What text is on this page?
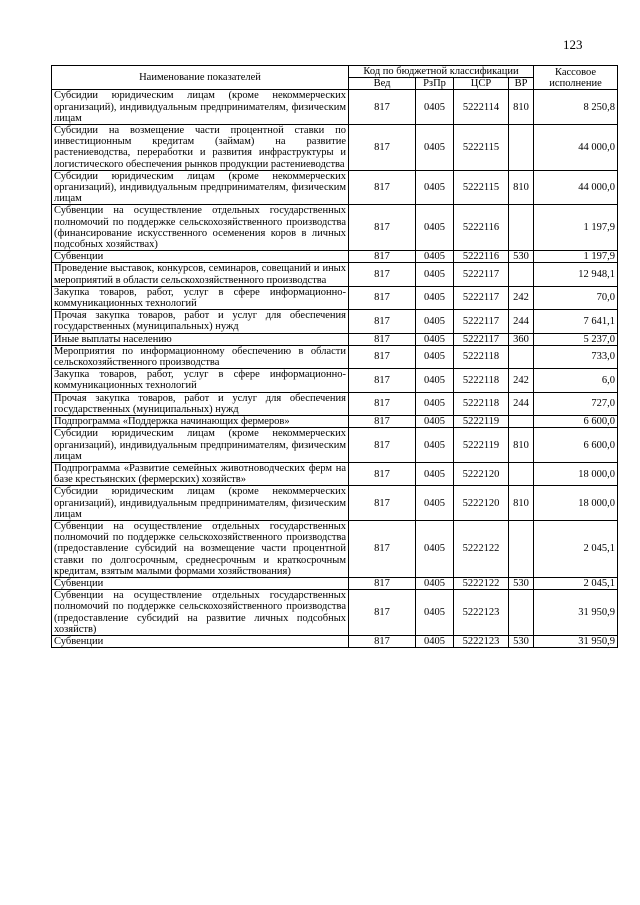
123
Наименование показателей	Код по бюджетной классификации				Кассовое исполнение
	Вед	РзПр	ЦСР	ВР	
Субсидии юридическим лицам (кроме некоммерческих организаций), индивидуальным предпринимателям, физическим лицам	817	0405	5222114	810	8 250,8
Субсидии на возмещение части процентной ставки по инвестиционным кредитам (займам) на развитие растениеводства, переработки и развития инфраструктуры и логистического обеспечения рынков продукции растениеводства	817	0405	5222115		44 000,0
Субсидии юридическим лицам (кроме некоммерческих организаций), индивидуальным предпринимателям, физическим лицам	817	0405	5222115	810	44 000,0
Субвенции на осуществление отдельных государственных полномочий по поддержке сельскохозяйственного производства (финансирование искусственного осеменения коров в личных подсобных хозяйствах)	817	0405	5222116		1 197,9
Субвенции	817	0405	5222116	530	1 197,9
Проведение выставок, конкурсов, семинаров, совещаний и иных мероприятий в области сельскохозяйственного производства	817	0405	5222117		12 948,1
Закупка товаров, работ, услуг в сфере информационно-коммуникационных технологий	817	0405	5222117	242	70,0
Прочая закупка товаров, работ и услуг для обеспечения государственных (муниципальных) нужд	817	0405	5222117	244	7 641,1
Иные выплаты населению	817	0405	5222117	360	5 237,0
Мероприятия по информационному обеспечению в области сельскохозяйственного производства	817	0405	5222118		733,0
Закупка товаров, работ, услуг в сфере информационно-коммуникационных технологий	817	0405	5222118	242	6,0
Прочая закупка товаров, работ и услуг для обеспечения государственных (муниципальных) нужд	817	0405	5222118	244	727,0
Подпрограмма «Поддержка начинающих фермеров»	817	0405	5222119		6 600,0
Субсидии юридическим лицам (кроме некоммерческих организаций), индивидуальным предпринимателям, физическим лицам	817	0405	5222119	810	6 600,0
Подпрограмма «Развитие семейных животноводческих ферм на базе крестьянских (фермерских) хозяйств»	817	0405	5222120		18 000,0
Субсидии юридическим лицам (кроме некоммерческих организаций), индивидуальным предпринимателям, физическим лицам	817	0405	5222120	810	18 000,0
Субвенции на осуществление отдельных государственных полномочий по поддержке сельскохозяйственного производства (предоставление субсидий на возмещение части процентной ставки по долгосрочным, среднесрочным и краткосрочным кредитам, взятым малыми формами хозяйствования)	817	0405	5222122		2 045,1
Субвенции	817	0405	5222122	530	2 045,1
Субвенции на осуществление отдельных государственных полномочий по поддержке сельскохозяйственного производства (предоставление субсидий на развитие личных подсобных хозяйств)	817	0405	5222123		31 950,9
Субвенции	817	0405	5222123	530	31 950,9
